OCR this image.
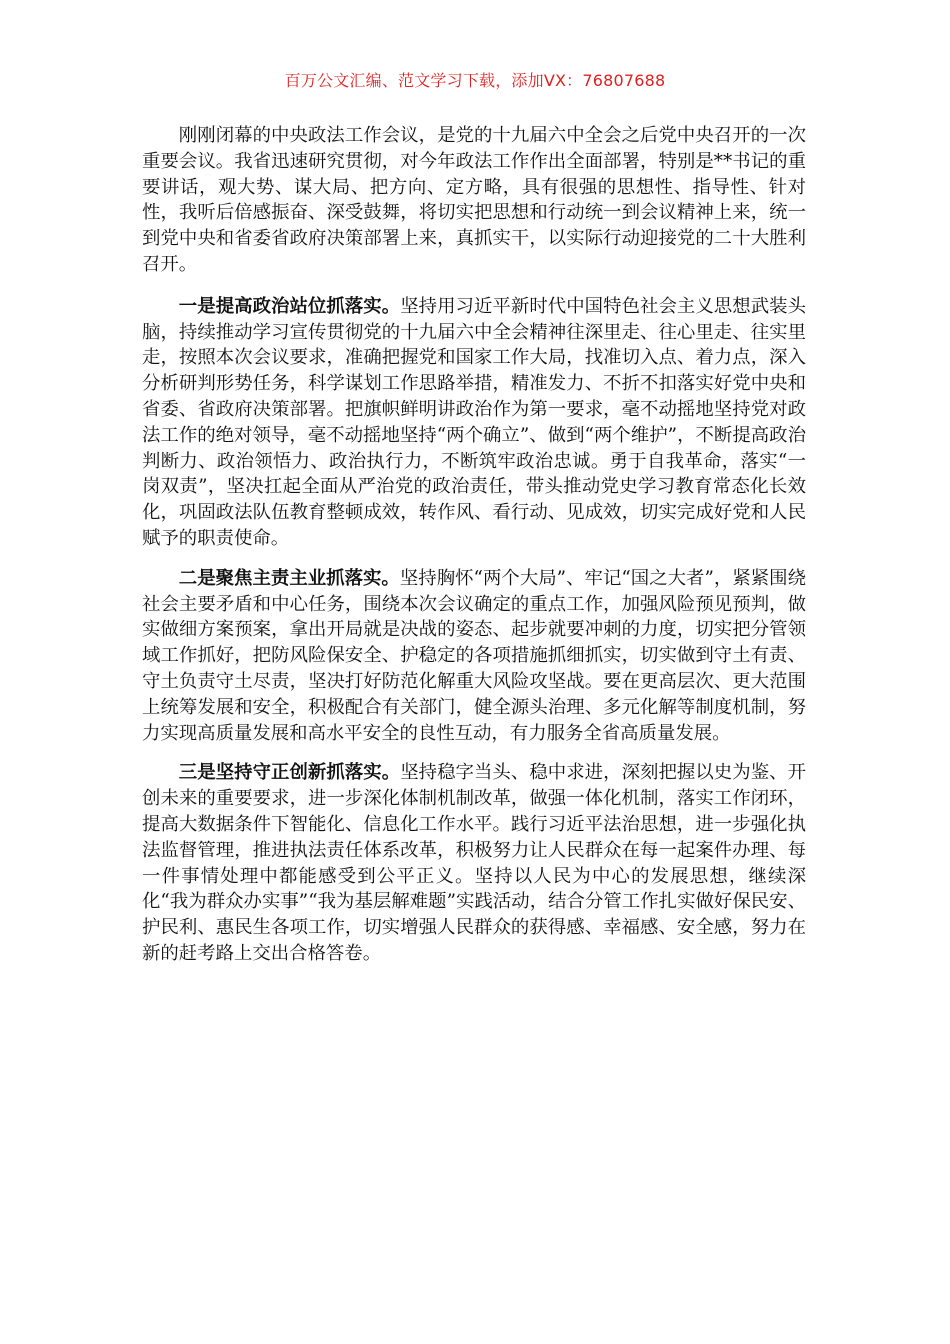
百万公文汇编、范文学习下载，添加VX：76807688

刚刚闭幕的中央政法工作会议，是党的十九届六中全会之后党中央召开的一次重要会议。我省迅速研究贯彻，对今年政法工作作出全面部署，特别是**书记的重要讲话，观大势、谋大局、把方向、定方略，具有很强的思想性、指导性、针对性，我听后倍感振奋、深受鼓舞，将切实把思想和行动统一到会议精神上来，统一到党中央和省委省政府决策部署上来，真抓实干，以实际行动迎接党的二十大胜利召开。

一是提高政治站位抓落实。坚持用习近平新时代中国特色社会主义思想武装头脑，持续推动学习宣传贯彻党的十九届六中全会精神往深里走、往心里走、往实里走，按照本次会议要求，准确把握党和国家工作大局，找准切入点、着力点，深入分析研判形势任务，科学谋划工作思路举措，精准发力、不折不扣落实好党中央和省委、省政府决策部署。把旗帜鲜明讲政治作为第一要求，毫不动摇地坚持党对政法工作的绝对领导，毫不动摇地坚持“两个确立”、做到“两个维护”，不断提高政治判断力、政治领悟力、政治执行力，不断筑牢政治忠诚。勇于自我革命，落实“一岗双责”，坚决扛起全面从严治党的政治责任，带头推动党史学习教育常态化长效化，巩固政法队伍教育整顿成效，转作风、看行动、见成效，切实完成好党和人民赋予的职责使命。

二是聚焦主责主业抓落实。坚持胸怀“两个大局”、牢记“国之大者”，紧紧围绕社会主要矛盾和中心任务，围绕本次会议确定的重点工作，加强风险预见预判，做实做细方案预案，拿出开局就是决战的姿态、起步就要冲刺的力度，切实把分管领域工作抓好，把防风险保安全、护稳定的各项措施抓细抓实，切实做到守土有责、守土负责守土尽责，坚决打好防范化解重大风险攻坚战。要在更高层次、更大范围上统筹发展和安全，积极配合有关部门，健全源头治理、多元化解等制度机制，努力实现高质量发展和高水平安全的良性互动，有力服务全省高质量发展。

三是坚持守正创新抓落实。坚持稳字当头、稳中求进，深刻把握以史为鉴、开创未来的重要要求，进一步深化体制机制改革，做强一体化机制，落实工作闭环，提高大数据条件下智能化、信息化工作水平。践行习近平法治思想，进一步强化执法监督管理，推进执法责任体系改革，积极努力让人民群众在每一起案件办理、每一件事情处理中都能感受到公平正义。坚持以人民为中心的发展思想，继续深化“我为群众办实事”“我为基层解难题”实践活动，结合分管工作扎实做好保民安、护民利、惠民生各项工作，切实增强人民群众的获得感、幸福感、安全感，努力在新的赶考路上交出合格答卷。
